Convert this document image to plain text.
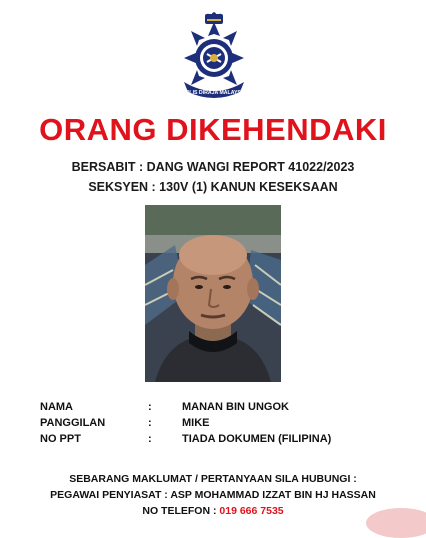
POLIS DIRAJA MALAYSIA
ORANG DIKEHENDAKI
BERSABIT : DANG WANGI REPORT 41022/2023
SEKSYEN : 130V (1) KANUN KESEKSAAN
NAMA	:	MANAN BIN UNGOK
PANGGILAN	:	MIKE
NO PPT	:	TIADA DOKUMEN (FILIPINA)
SEBARANG MAKLUMAT / PERTANYAAN SILA HUBUNGI :
PEGAWAI PENYIASAT : ASP MOHAMMAD IZZAT BIN HJ HASSAN
NO TELEFON : 019 666 7535
